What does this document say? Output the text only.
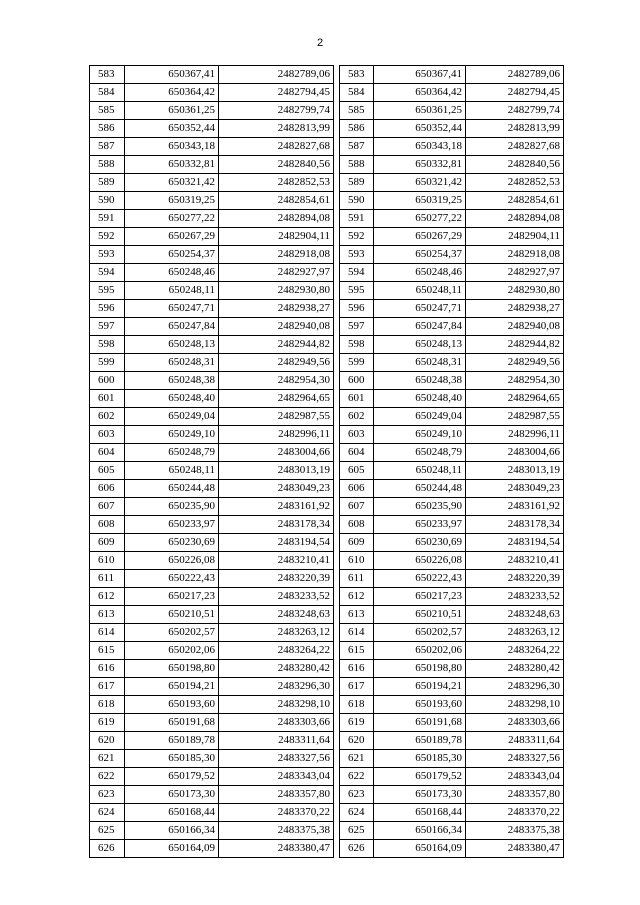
2
583	650367,41	2482789,06
584	650364,42	2482794,45
585	650361,25	2482799,74
586	650352,44	2482813,99
587	650343,18	2482827,68
588	650332,81	2482840,56
589	650321,42	2482852,53
590	650319,25	2482854,61
591	650277,22	2482894,08
592	650267,29	2482904,11
593	650254,37	2482918,08
594	650248,46	2482927,97
595	650248,11	2482930,80
596	650247,71	2482938,27
597	650247,84	2482940,08
598	650248,13	2482944,82
599	650248,31	2482949,56
600	650248,38	2482954,30
601	650248,40	2482964,65
602	650249,04	2482987,55
603	650249,10	2482996,11
604	650248,79	2483004,66
605	650248,11	2483013,19
606	650244,48	2483049,23
607	650235,90	2483161,92
608	650233,97	2483178,34
609	650230,69	2483194,54
610	650226,08	2483210,41
611	650222,43	2483220,39
612	650217,23	2483233,52
613	650210,51	2483248,63
614	650202,57	2483263,12
615	650202,06	2483264,22
616	650198,80	2483280,42
617	650194,21	2483296,30
618	650193,60	2483298,10
619	650191,68	2483303,66
620	650189,78	2483311,64
621	650185,30	2483327,56
622	650179,52	2483343,04
623	650173,30	2483357,80
624	650168,44	2483370,22
625	650166,34	2483375,38
626	650164,09	2483380,47
583	650367,41	2482789,06
584	650364,42	2482794,45
585	650361,25	2482799,74
586	650352,44	2482813,99
587	650343,18	2482827,68
588	650332,81	2482840,56
589	650321,42	2482852,53
590	650319,25	2482854,61
591	650277,22	2482894,08
592	650267,29	2482904,11
593	650254,37	2482918,08
594	650248,46	2482927,97
595	650248,11	2482930,80
596	650247,71	2482938,27
597	650247,84	2482940,08
598	650248,13	2482944,82
599	650248,31	2482949,56
600	650248,38	2482954,30
601	650248,40	2482964,65
602	650249,04	2482987,55
603	650249,10	2482996,11
604	650248,79	2483004,66
605	650248,11	2483013,19
606	650244,48	2483049,23
607	650235,90	2483161,92
608	650233,97	2483178,34
609	650230,69	2483194,54
610	650226,08	2483210,41
611	650222,43	2483220,39
612	650217,23	2483233,52
613	650210,51	2483248,63
614	650202,57	2483263,12
615	650202,06	2483264,22
616	650198,80	2483280,42
617	650194,21	2483296,30
618	650193,60	2483298,10
619	650191,68	2483303,66
620	650189,78	2483311,64
621	650185,30	2483327,56
622	650179,52	2483343,04
623	650173,30	2483357,80
624	650168,44	2483370,22
625	650166,34	2483375,38
626	650164,09	2483380,47
